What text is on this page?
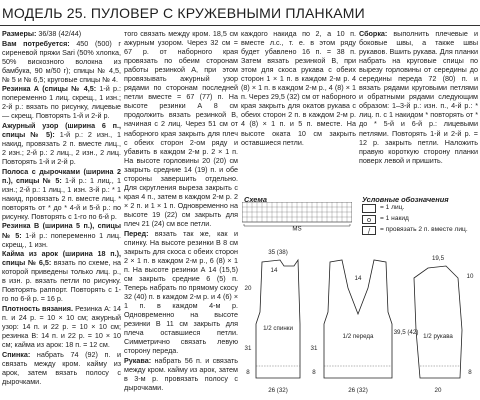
МОДЕЛЬ 25. ПУЛОВЕР С КРУЖЕВНЫМИ ПЛАНКАМИ

Размеры: 36/38 (42/44)

Вам потребуется: 450 (500) г сиреневой пряжи Sari (50% хлопка, 50% вискозного волокна из бамбука, 90 м/50 г); спицы № 4,5, № 5 и № 6,5; круговые спицы № 4.

Резинка А (спицы № 4,5: 1-й р.: попеременно 1 лиц. скрещ., 1 изн.; 2-й р.: вязать по рисунку, лицевые — скрещ. Повторять 1-й и 2-й р.

Ажурный узор (ширина 6 п., спицы № 5): 1-й р.: 2 изн., 1 накид, провязать 2 п. вместе лиц., 2 изн.; 2-й р.: 2 лиц., 2 изн., 2 лиц. Повторять 1-й и 2-й р.

Полоса с дырочками (ширина 2 п.), спицы № 5: 1-й р.: 1 лиц., 1 изн.; 2-й р.: 1 лиц., 1 изн. 3-й р.: * 1 накид, провязать 2 п. вместе лиц. * повторять от * до * 4-й и 5-й р.: по рисунку. Повторять с 1-го по 6-й р.

Резинка В (ширина 5 п.), спицы № 5: 1-й р.: попеременно 1 лиц. скрещ., 1 изн.

Кайма из арок (ширина 18 п.), спицы № 6,5: вязать по схеме, на которой приведены только лиц. р., в изн. р. вязать петли по рисунку. Повторять раппорт. Повторять с 1-го по 6-й р. = 16 р.

Плотность вязания. Резинка А: 14 п. и 24 р. = 10 × 10 см; ажурный узор: 14 п. и 22 р. = 10 × 10 см; резинка В: 14 п. и 22 р. = 10 × 10 см; кайма из арок: 18 п. = 12 см.

Спинка: набрать 74 (92) п. и связать между кром. кайму из арок, затем вязать полосу с дырочками.

того связать между кром. 18,5 см ажурным узором. Через 32 см = 67 р. от наборного края провязать по обеим сторонам работы резинкой А, при этом провязывать ажурный узор рядами по сторонам последней петли вместе = 67 (77) п. На высоте резинки А 8 см продолжить вязать резинкой В, начиная с 2 лиц. Через 51 см от наборного края закрыть для плеч с обеих сторон 2-ом ряду и убавить в каждом 2-м р. 2 × 1 п. На высоте горловины 20 (20) см закрыть средние 14 (19) п. и обе стороны завершить отдельно. Для скругления выреза закрыть с края 4 п., затем в каждом 2-м р. 2 × 2 п. и 1 × 1 п. Одновременно на высоте 19 (22) см закрыть для плеч 21 (24) см все петли.

Перед: вязать так же, как и спинку. На высоте резинки В 8 см закрыть для скоса с обеих сторон 2 × 1 п. в каждом 2-м р., 6 (8) × 1 п. На высоте резинки А 14 (15,5) см закрыть средние 6 (5) п. Теперь набрать по прямому скосу 32 (40) п. в каждом 2-м р. и 4 (6) × 1 п. в каждом 4-м р. Одновременно на высоте резинки В 11 см закрыть для плеча оставшиеся петли. Симметрично связать левую сторону переда.

Рукава: набрать 56 п. и связать между кром. кайму из арок, затем в 3-м р. провязать полосу с дырочками.

каждого накида по 2, а 10 п. вместе л.с., т. е. в этом ряду будет убавлено 16 п. = 38 п. Затем вязать резинкой В, при этом для скоса рукава с обеих сторон 1 × 1 п. в каждом 2-м р. 4 (8) × 1 п. в каждом 2-м р., 4 (8) × 1 п. Через 29,5 (32) см от наборного края закрыть для окатов рукава с обеих сторон 2 п. в каждом 2-м р. 4 (8) × 1 п. и 5 п. вместе. На высоте оката 10 см закрыть оставшиеся петли.

Сборка: выполнить плечевые и боковые швы, а также швы рукавов. Вшить рукава. Для планки набрать на круговые спицы по вырезу горловины от середины до середины переда 72 (80) п. и вязать рядами круговыми петлями и обратными рядами следующим образом: 1–3-й р.: изн. п., 4-й р.: * лиц. п. с 1 накидом * повторять от * до * 5-й и 6-й р.: лицевыми петлями. Повторять 1-й и 2-й р. = 12 р. закрыть петли. Наложить правую короткую сторону планки поверх левой и пришить.

Схема	Условные обозначения
MS
= 1 лиц.
o	= 1 накид
/	= провязать 2 п. вместе лиц.
35 (38)
1/2 спинки
31
20
8
14
26 (32)
1/2 переда
14
31
8
26 (32)
1/2 рукава
19,5
39,5 (42)
10
8
20
